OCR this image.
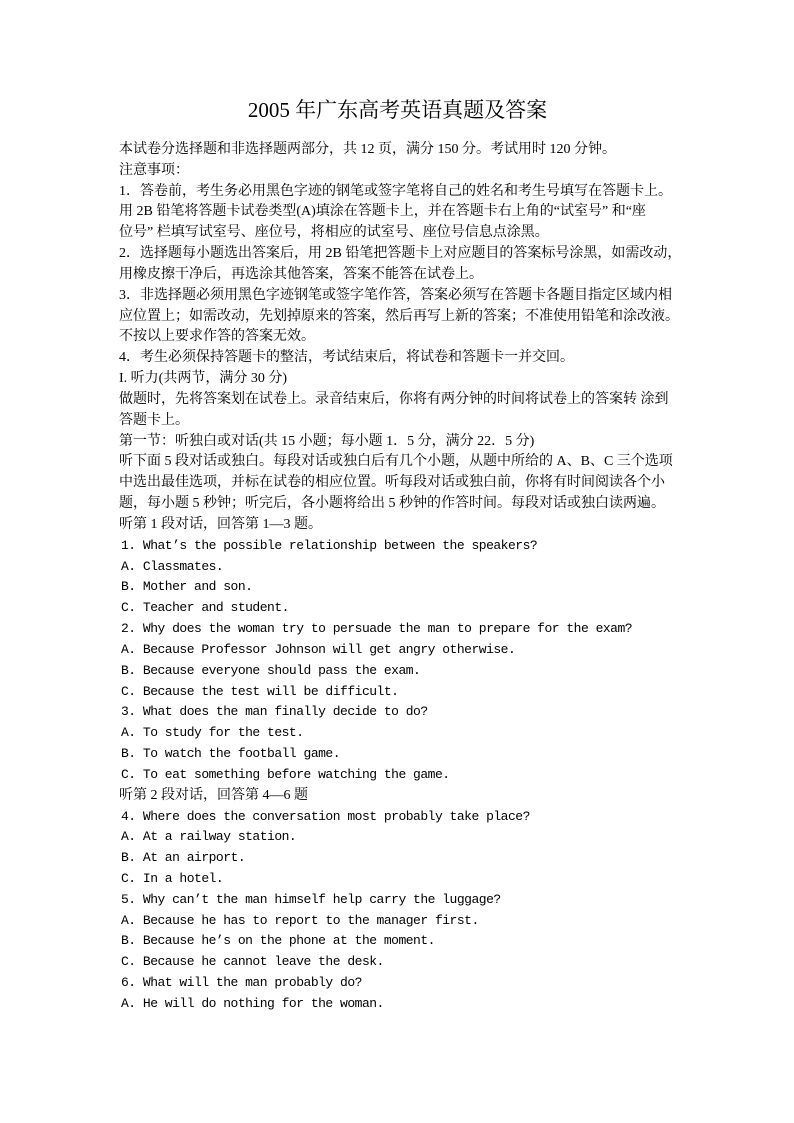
2005 年广东高考英语真题及答案
本试卷分选择题和非选择题两部分，共 12 页，满分 150 分。考试用时 120 分钟。
注意事项：
1．答卷前，考生务必用黑色字迹的钢笔或签字笔将自己的姓名和考生号填写在答题卡上。
用 2B 铅笔将答题卡试卷类型(A)填涂在答题卡上，并在答题卡右上角的“试室号” 和“座
位号” 栏填写试室号、座位号，将相应的试室号、座位号信息点涂黑。
2．选择题每小题选出答案后，用 2B 铅笔把答题卡上对应题目的答案标号涂黑，如需改动，
用橡皮擦干净后，再选涂其他答案，答案不能答在试卷上。
3．非选择题必须用黑色字迹钢笔或签字笔作答，答案必须写在答题卡各题目指定区域内相
应位置上；如需改动，先划掉原来的答案，然后再写上新的答案；不准使用铅笔和涂改液。
不按以上要求作答的答案无效。
4．考生必须保持答题卡的整洁，考试结束后，将试卷和答题卡一并交回。
I. 听力(共两节，满分 30 分)
做题时，先将答案划在试卷上。录音结束后，你将有两分钟的时间将试卷上的答案转 涂到
答题卡上。
第一节：听独白或对话(共 15 小题；每小题 1．5 分，满分 22．5 分)
听下面 5 段对话或独白。每段对话或独白后有几个小题，从题中所给的 A、B、C 三个选项
中选出最佳选项，并标在试卷的相应位置。听每段对话或独白前，你将有时间阅读各个小
题，每小题 5 秒钟；听完后，各小题将给出 5 秒钟的作答时间。每段对话或独白读两遍。
听第 1 段对话，回答第 1—3 题。
1. What’s the possible relationship between the speakers?
A. Classmates.
B. Mother and son.
C. Teacher and student.
2. Why does the woman try to persuade the man to prepare for the exam?
A. Because Professor Johnson will get angry otherwise.
B. Because everyone should pass the exam.
C. Because the test will be difficult.
3. What does the man finally decide to do?
A. To study for the test.
B. To watch the football game.
C. To eat something before watching the game.
听第 2 段对话，回答第 4—6 题
4. Where does the conversation most probably take place?
A. At a railway station.
B. At an airport.
C. In a hotel.
5. Why can’t the man himself help carry the luggage?
A. Because he has to report to the manager first.
B. Because he’s on the phone at the moment.
C. Because he cannot leave the desk.
6. What will the man probably do?
A. He will do nothing for the woman.
